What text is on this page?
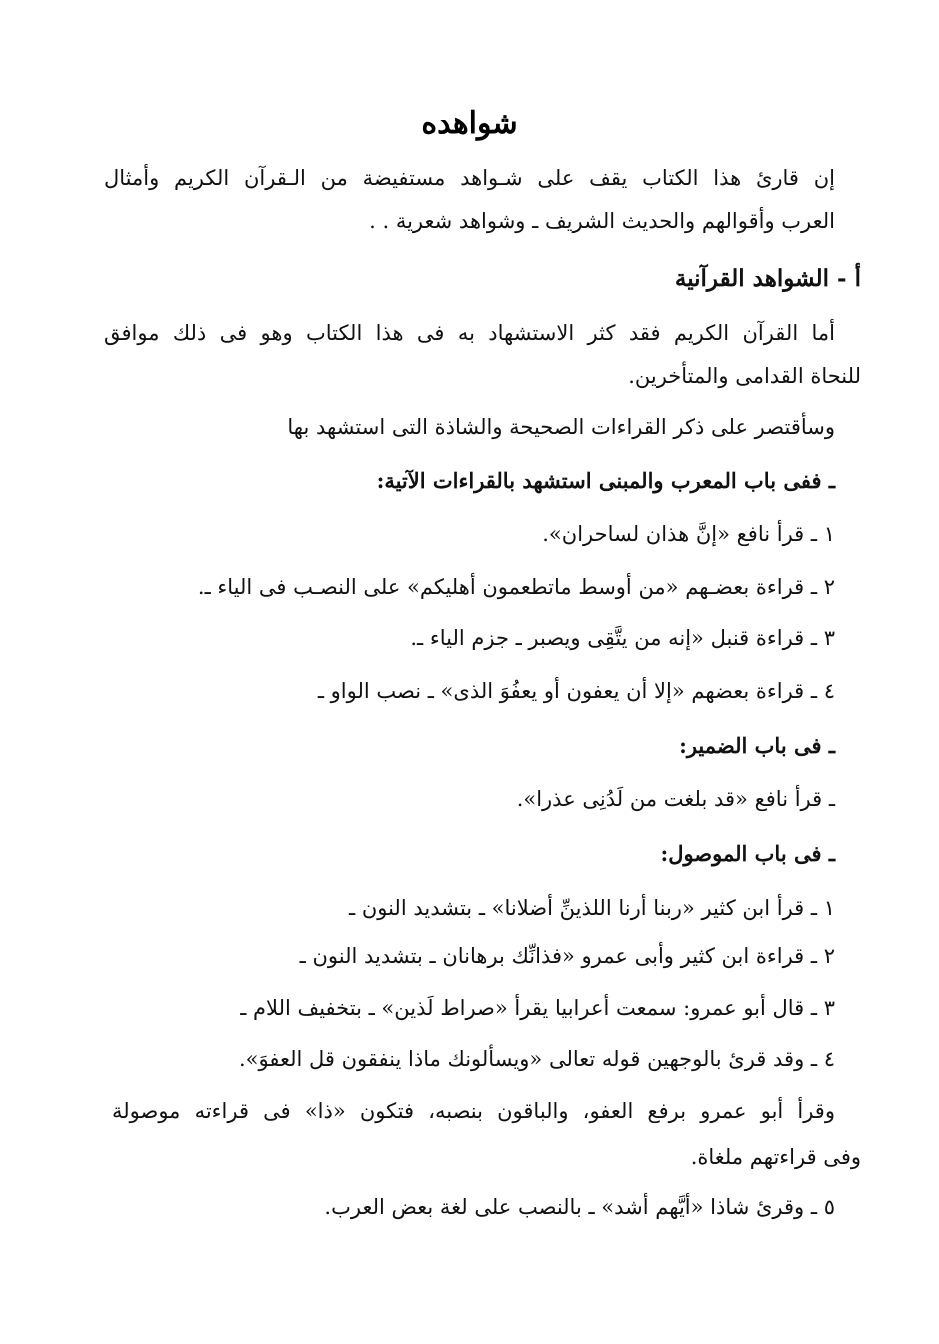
شواهده
إن قارئ هذا الكتاب يقف على شـواهد مستفيضة من الـقرآن الكريم وأمثال
العرب وأقوالهم والحديث الشريف ـ وشواهد شعرية . .
أ - الشواهد القرآنية
أما القرآن الكريم فقد كثر الاستشهاد به فى هذا الكتاب وهو فى ذلك موافق
للنحاة القدامى والمتأخرين.
وسأقتصر على ذكر القراءات الصحيحة والشاذة التى استشهد بها
ـ ففى باب المعرب والمبنى استشهد بالقراءات الآتية:
١ ـ قرأ نافع «إنَّ هذان لساحران».
٢ ـ قراءة بعضـهم «من أوسط ماتطعمون أهليكم» على النصـب فى الياء ـ.
٣ ـ قراءة قنبل «إنه من يتَّقِى ويصبر ـ جزم الياء ـ.
٤ ـ قراءة بعضهم «إلا أن يعفون أو يعفُوَ الذى» ـ نصب الواو ـ
ـ فى باب الضمير:
ـ قرأ نافع «قد بلغت من لَدُنِى عذرا».
ـ فى باب الموصول:
١ ـ قرأ ابن كثير «ربنا أرنا اللذينِّ أضلانا» ـ بتشديد النون ـ
٢ ـ قراءة ابن كثير وأبى عمرو «فذانِّك برهانان ـ بتشديد النون ـ
٣ ـ قال أبو عمرو: سمعت أعرابيا يقرأ «صراط لَذين» ـ بتخفيف اللام ـ
٤ ـ وقد قرئ بالوجهين قوله تعالى «ويسألونك ماذا ينفقون قل العفوَ».
وقرأ أبو عمرو برفع العفو، والباقون بنصبه، فتكون «ذا» فى قراءته موصولة
وفى قراءتهم ملغاة.
٥ ـ وقرئ شاذا «أيَّهم أشد» ـ بالنصب على لغة بعض العرب.
